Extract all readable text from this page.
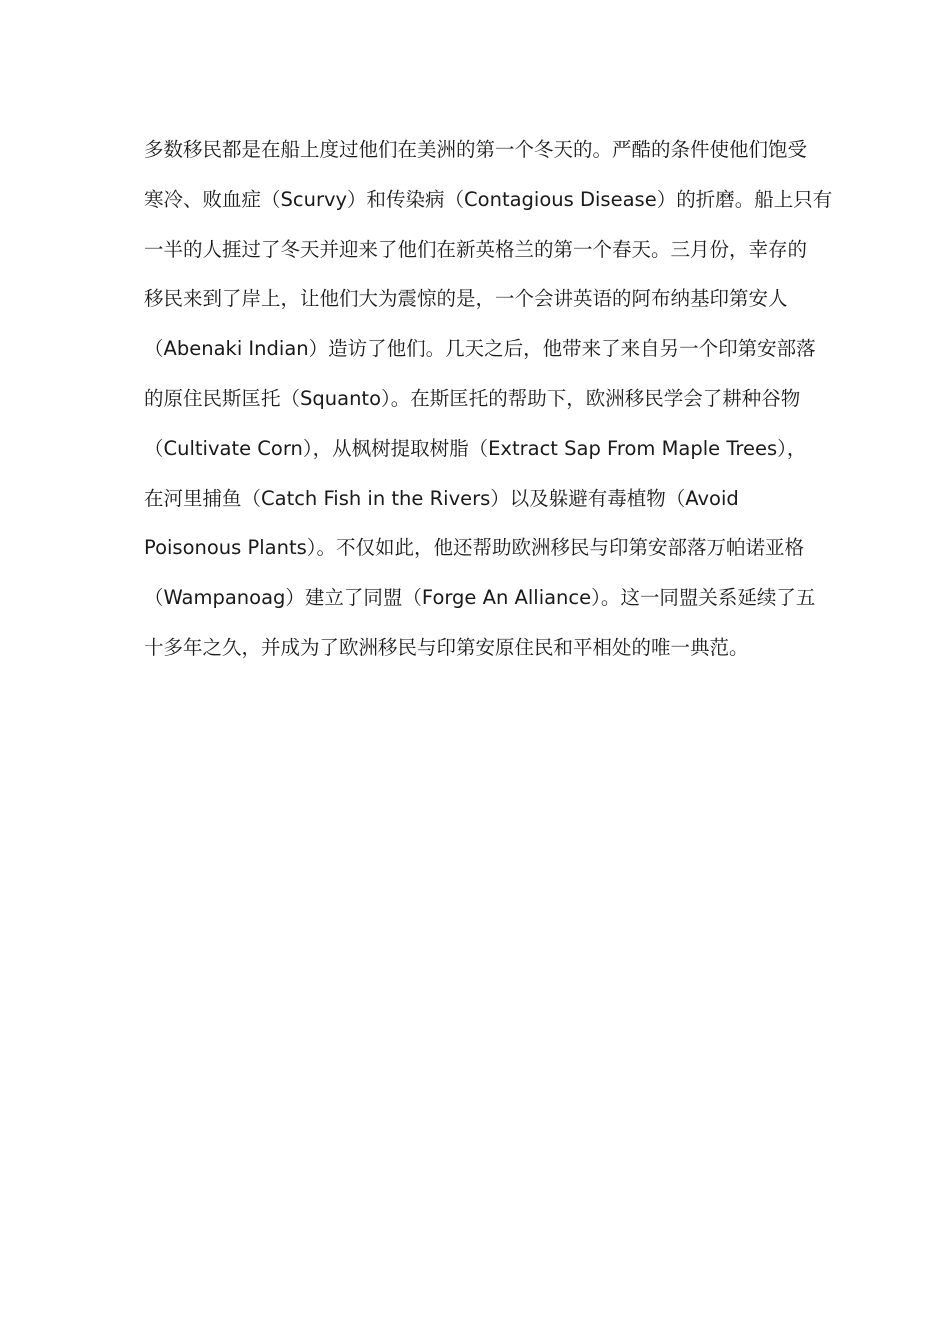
多数移民都是在船上度过他们在美洲的第一个冬天的。严酷的条件使他们饱受
寒冷、败血症（Scurvy）和传染病（Contagious Disease）的折磨。船上只有
一半的人捱过了冬天并迎来了他们在新英格兰的第一个春天。三月份，幸存的
移民来到了岸上，让他们大为震惊的是，一个会讲英语的阿布纳基印第安人
（Abenaki Indian）造访了他们。几天之后，他带来了来自另一个印第安部落
的原住民斯匡托（Squanto）。在斯匡托的帮助下，欧洲移民学会了耕种谷物
（Cultivate Corn），从枫树提取树脂（Extract Sap From Maple Trees），
在河里捕鱼（Catch Fish in the Rivers）以及躲避有毒植物（Avoid
Poisonous Plants）。不仅如此，他还帮助欧洲移民与印第安部落万帕诺亚格
（Wampanoag）建立了同盟（Forge An Alliance）。这一同盟关系延续了五
十多年之久，并成为了欧洲移民与印第安原住民和平相处的唯一典范。
